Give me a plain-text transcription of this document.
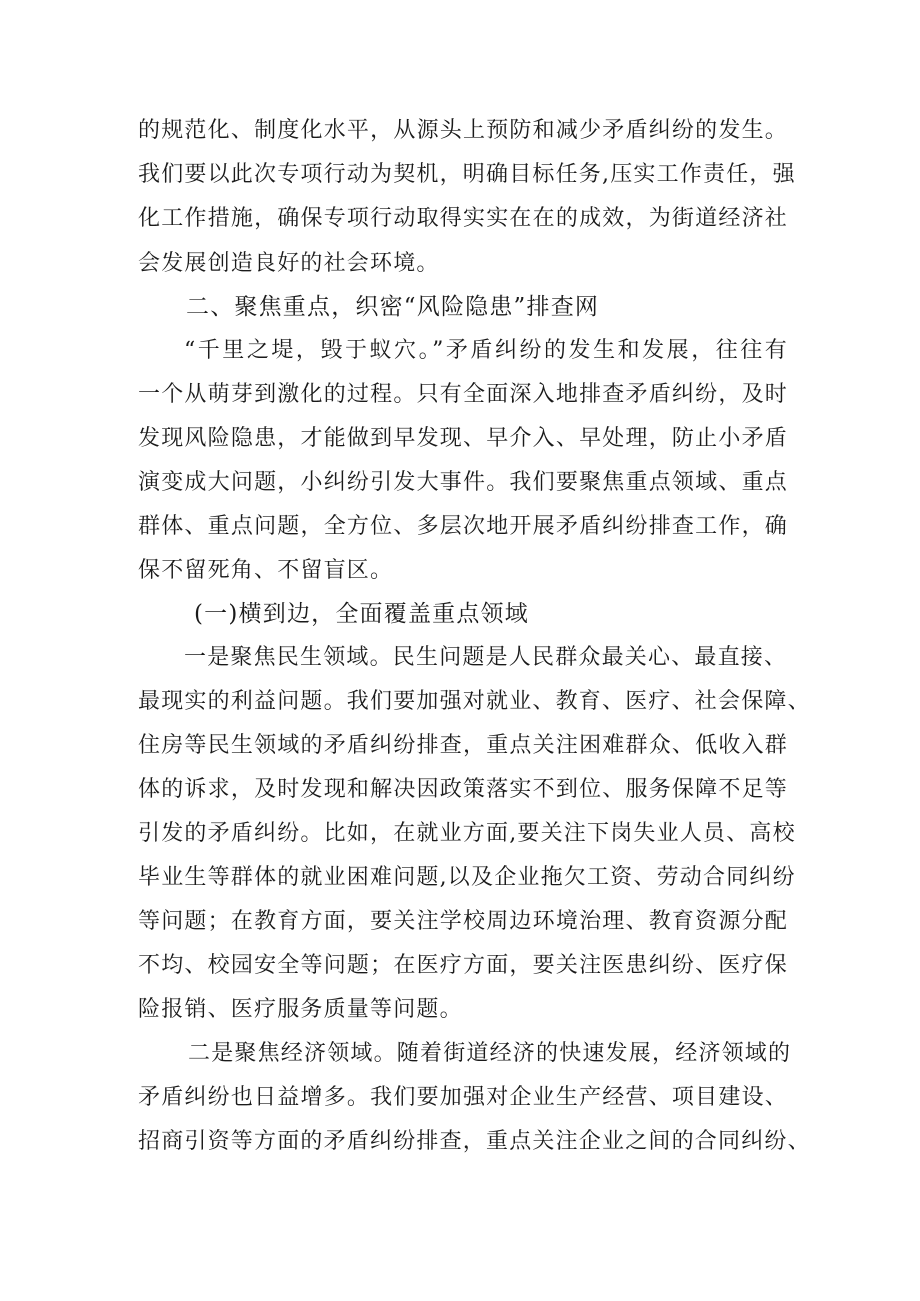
的规范化、制度化水平，从源头上预防和减少矛盾纠纷的发生。
我们要以此次专项行动为契机，明确目标任务,压实工作责任，强
化工作措施，确保专项行动取得实实在在的成效，为街道经济社
会发展创造良好的社会环境。
二、聚焦重点，织密“风险隐患”排查网
“千里之堤，毁于蚁穴。”矛盾纠纷的发生和发展，往往有
一个从萌芽到激化的过程。只有全面深入地排查矛盾纠纷，及时
发现风险隐患，才能做到早发现、早介入、早处理，防止小矛盾
演变成大问题，小纠纷引发大事件。我们要聚焦重点领域、重点
群体、重点问题，全方位、多层次地开展矛盾纠纷排查工作，确
保不留死角、不留盲区。
(一)横到边，全面覆盖重点领域
一是聚焦民生领域。民生问题是人民群众最关心、最直接、
最现实的利益问题。我们要加强对就业、教育、医疗、社会保障、
住房等民生领域的矛盾纠纷排查，重点关注困难群众、低收入群
体的诉求，及时发现和解决因政策落实不到位、服务保障不足等
引发的矛盾纠纷。比如，在就业方面,要关注下岗失业人员、高校
毕业生等群体的就业困难问题,以及企业拖欠工资、劳动合同纠纷
等问题；在教育方面，要关注学校周边环境治理、教育资源分配
不均、校园安全等问题；在医疗方面，要关注医患纠纷、医疗保
险报销、医疗服务质量等问题。
二是聚焦经济领域。随着街道经济的快速发展，经济领域的
矛盾纠纷也日益增多。我们要加强对企业生产经营、项目建设、
招商引资等方面的矛盾纠纷排查，重点关注企业之间的合同纠纷、
